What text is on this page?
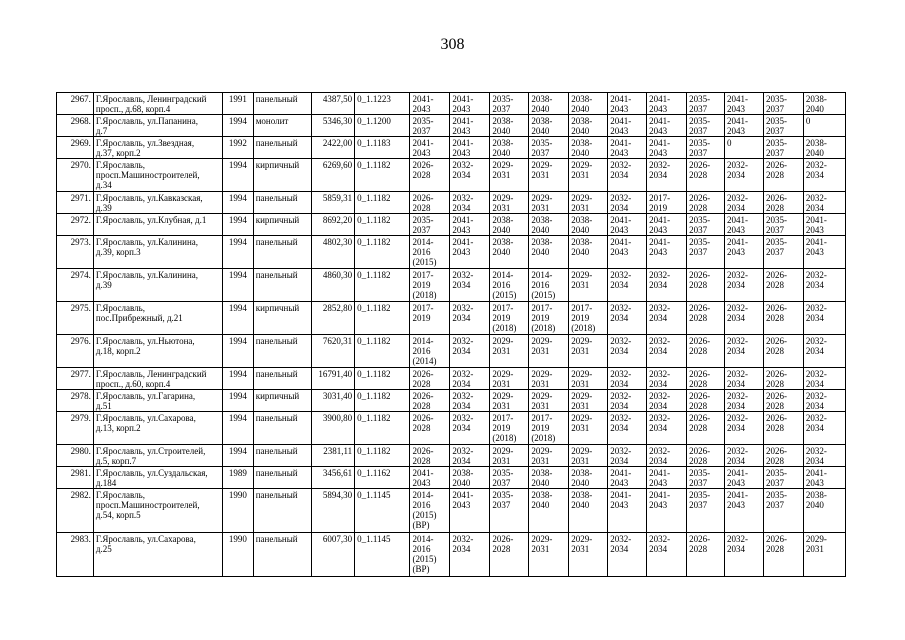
308
2967.	Г.Ярославль, Ленинградский
просп., д.68, корп.4	1991	панельный	4387,50	0_1.1223	2041-
2043	2041-
2043	2035-
2037	2038-
2040	2038-
2040	2041-
2043	2041-
2043	2035-
2037	2041-
2043	2035-
2037	2038-
2040
2968.	Г.Ярославль, ул.Папанина,
д.7	1994	монолит	5346,30	0_1.1200	2035-
2037	2041-
2043	2038-
2040	2038-
2040	2038-
2040	2041-
2043	2041-
2043	2035-
2037	2041-
2043	2035-
2037	0
2969.	Г.Ярославль, ул.Звездная,
д.37, корп.2	1992	панельный	2422,00	0_1.1183	2041-
2043	2041-
2043	2038-
2040	2035-
2037	2038-
2040	2041-
2043	2041-
2043	2035-
2037	0	2035-
2037	2038-
2040
2970.	Г.Ярославль,
просп.Машиностроителей,
д.34	1994	кирпичный	6269,60	0_1.1182	2026-
2028	2032-
2034	2029-
2031	2029-
2031	2029-
2031	2032-
2034	2032-
2034	2026-
2028	2032-
2034	2026-
2028	2032-
2034
2971.	Г.Ярославль, ул.Кавказская,
д.39	1994	панельный	5859,31	0_1.1182	2026-
2028	2032-
2034	2029-
2031	2029-
2031	2029-
2031	2032-
2034	2017-
2019	2026-
2028	2032-
2034	2026-
2028	2032-
2034
2972.	Г.Ярославль, ул.Клубная, д.1	1994	кирпичный	8692,20	0_1.1182	2035-
2037	2041-
2043	2038-
2040	2038-
2040	2038-
2040	2041-
2043	2041-
2043	2035-
2037	2041-
2043	2035-
2037	2041-
2043
2973.	Г.Ярославль, ул.Калинина,
д.39, корп.3	1994	панельный	4802,30	0_1.1182	2014-
2016
(2015)	2041-
2043	2038-
2040	2038-
2040	2038-
2040	2041-
2043	2041-
2043	2035-
2037	2041-
2043	2035-
2037	2041-
2043
2974.	Г.Ярославль, ул.Калинина,
д.39	1994	панельный	4860,30	0_1.1182	2017-
2019
(2018)	2032-
2034	2014-
2016
(2015)	2014-
2016
(2015)	2029-
2031	2032-
2034	2032-
2034	2026-
2028	2032-
2034	2026-
2028	2032-
2034
2975.	Г.Ярославль,
пос.Прибрежный, д.21	1994	кирпичный	2852,80	0_1.1182	2017-
2019	2032-
2034	2017-
2019
(2018)	2017-
2019
(2018)	2017-
2019
(2018)	2032-
2034	2032-
2034	2026-
2028	2032-
2034	2026-
2028	2032-
2034
2976.	Г.Ярославль, ул.Ньютона,
д.18, корп.2	1994	панельный	7620,31	0_1.1182	2014-
2016
(2014)	2032-
2034	2029-
2031	2029-
2031	2029-
2031	2032-
2034	2032-
2034	2026-
2028	2032-
2034	2026-
2028	2032-
2034
2977.	Г.Ярославль, Ленинградский
просп., д.60, корп.4	1994	панельный	16791,40	0_1.1182	2026-
2028	2032-
2034	2029-
2031	2029-
2031	2029-
2031	2032-
2034	2032-
2034	2026-
2028	2032-
2034	2026-
2028	2032-
2034
2978.	Г.Ярославль, ул.Гагарина,
д.51	1994	кирпичный	3031,40	0_1.1182	2026-
2028	2032-
2034	2029-
2031	2029-
2031	2029-
2031	2032-
2034	2032-
2034	2026-
2028	2032-
2034	2026-
2028	2032-
2034
2979.	Г.Ярославль, ул.Сахарова,
д.13, корп.2	1994	панельный	3900,80	0_1.1182	2026-
2028	2032-
2034	2017-
2019
(2018)	2017-
2019
(2018)	2029-
2031	2032-
2034	2032-
2034	2026-
2028	2032-
2034	2026-
2028	2032-
2034
2980.	Г.Ярославль, ул.Строителей,
д.5, корп.7	1994	панельный	2381,11	0_1.1182	2026-
2028	2032-
2034	2029-
2031	2029-
2031	2029-
2031	2032-
2034	2032-
2034	2026-
2028	2032-
2034	2026-
2028	2032-
2034
2981.	Г.Ярославль, ул.Суздальская,
д.184	1989	панельный	3456,61	0_1.1162	2041-
2043	2038-
2040	2035-
2037	2038-
2040	2038-
2040	2041-
2043	2041-
2043	2035-
2037	2041-
2043	2035-
2037	2041-
2043
2982.	Г.Ярославль,
просп.Машиностроителей,
д.54, корп.5	1990	панельный	5894,30	0_1.1145	2014-
2016
(2015)
(ВР)	2041-
2043	2035-
2037	2038-
2040	2038-
2040	2041-
2043	2041-
2043	2035-
2037	2041-
2043	2035-
2037	2038-
2040
2983.	Г.Ярославль, ул.Сахарова,
д.25	1990	панельный	6007,30	0_1.1145	2014-
2016
(2015)
(ВР)	2032-
2034	2026-
2028	2029-
2031	2029-
2031	2032-
2034	2032-
2034	2026-
2028	2032-
2034	2026-
2028	2029-
2031
